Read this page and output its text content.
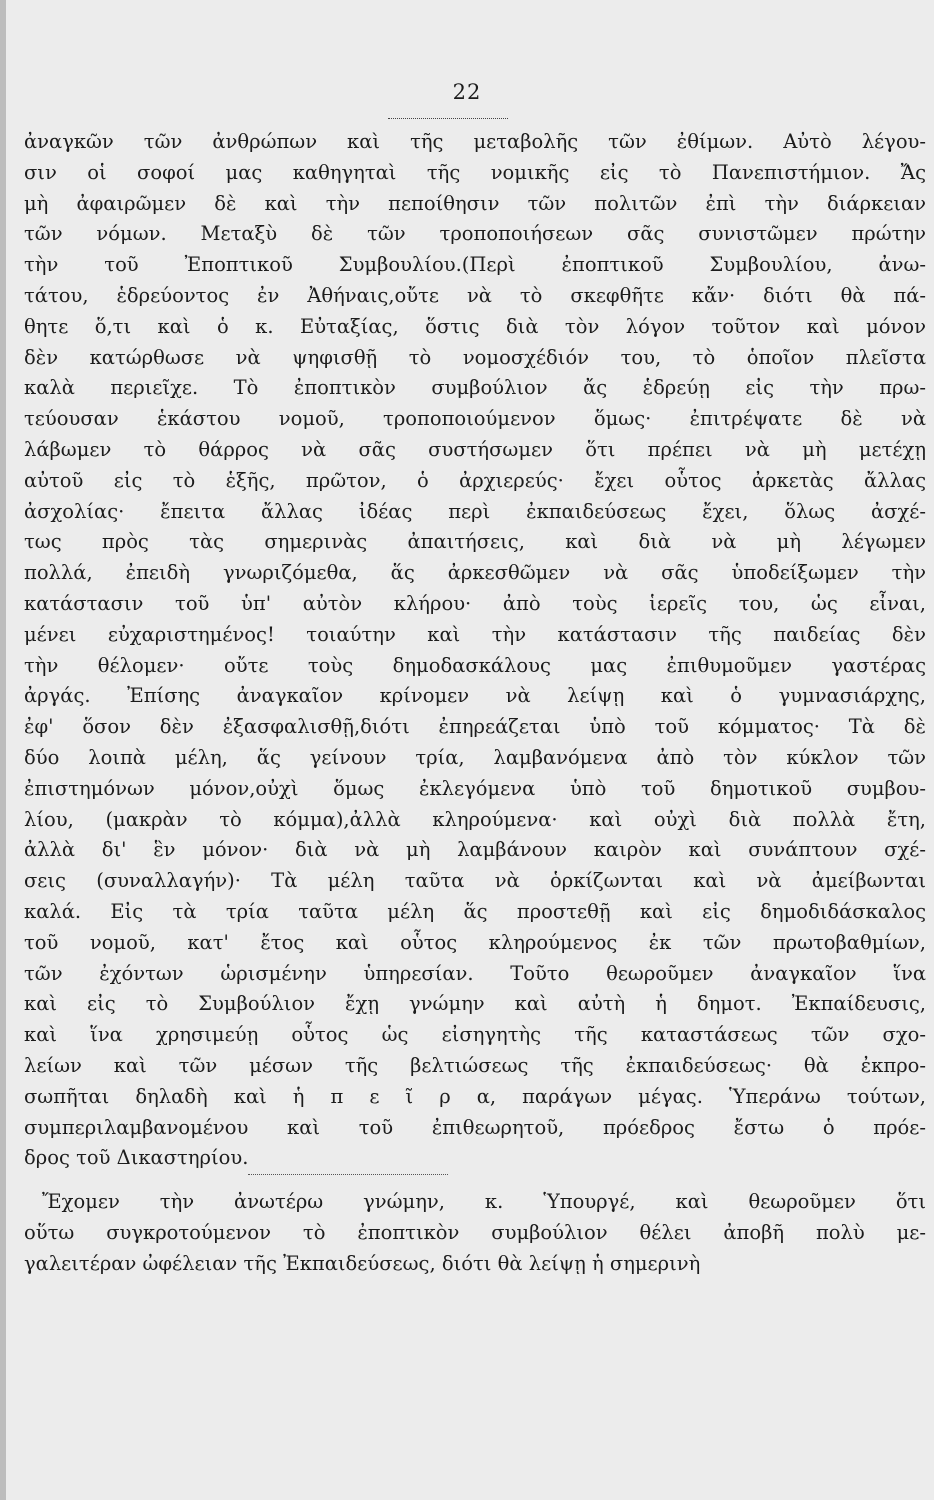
22
ἀναγκῶν τῶν ἀνθρώπων καὶ τῆς μεταβολῆς τῶν ἐθίμων. Αὐτὸ λέγου-
σιν οἱ σοφοί μας καθηγηταὶ τῆς νομικῆς εἰς τὸ Πανεπιστήμιον. Ἄς
μὴ ἀφαιρῶμεν δὲ καὶ τὴν πεποίθησιν τῶν πολιτῶν ἐπὶ τὴν διάρκειαν
τῶν νόμων. Μεταξὺ δὲ τῶν τροποποιήσεων σᾶς συνιστῶμεν πρώτην
τὴν τοῦ Ἐποπτικοῦ Συμβουλίου.(Περὶ ἐποπτικοῦ Συμβουλίου, ἀνω-
τάτου, ἑδρεύοντος ἐν Ἀθήναις,οὔτε νὰ τὸ σκεφθῆτε κἄν· διότι θὰ πά-
θητε ὅ,τι καὶ ὁ κ. Εὐταξίας, ὅστις διὰ τὸν λόγον τοῦτον καὶ μόνον
δὲν κατώρθωσε νὰ ψηφισθῇ τὸ νομοσχέδιόν του, τὸ ὁποῖον πλεῖστα
καλὰ περιεῖχε. Τὸ ἐποπτικὸν συμβούλιον ἄς ἑδρεύῃ εἰς τὴν πρω-
τεύουσαν ἑκάστου νομοῦ, τροποποιούμενον ὅμως· ἐπιτρέψατε δὲ νὰ
λάβωμεν τὸ θάρρος νὰ σᾶς συστήσωμεν ὅτι πρέπει νὰ μὴ μετέχῃ
αὐτοῦ εἰς τὸ ἑξῆς, πρῶτον, ὁ ἀρχιερεύς· ἔχει οὗτος ἀρκετὰς ἄλλας
ἀσχολίας· ἔπειτα ἄλλας ἰδέας περὶ ἐκπαιδεύσεως ἔχει, ὅλως ἀσχέ-
τως πρὸς τὰς σημερινὰς ἀπαιτήσεις, καὶ διὰ νὰ μὴ λέγωμεν
πολλά, ἐπειδὴ γνωριζόμεθα, ἅς ἀρκεσθῶμεν νὰ σᾶς ὑποδείξωμεν τὴν
κατάστασιν τοῦ ὑπ' αὐτὸν κλήρου· ἀπὸ τοὺς ἱερεῖς του, ὡς εἶναι,
μένει εὐχαριστημένος! τοιαύτην καὶ τὴν κατάστασιν τῆς παιδείας δὲν
τὴν θέλομεν· οὔτε τοὺς δημοδασκάλους μας ἐπιθυμοῦμεν γαστέρας
ἀργάς. Ἐπίσης ἀναγκαῖον κρίνομεν νὰ λείψῃ καὶ ὁ γυμνασιάρχης,
ἐφ' ὅσον δὲν ἐξασφαλισθῇ,διότι ἐπηρεάζεται ὑπὸ τοῦ κόμματος· Τὰ δὲ
δύο λοιπὰ μέλη, ἅς γείνουν τρία, λαμβανόμενα ἀπὸ τὸν κύκλον τῶν
ἐπιστημόνων μόνον,οὐχὶ ὅμως ἐκλεγόμενα ὑπὸ τοῦ δημοτικοῦ συμβου-
λίου, (μακρὰν τὸ κόμμα),ἀλλὰ κληρούμενα· καὶ οὐχὶ διὰ πολλὰ ἔτη,
ἀλλὰ δι' ἓν μόνον· διὰ νὰ μὴ λαμβάνουν καιρὸν καὶ συνάπτουν σχέ-
σεις (συναλλαγήν)· Τὰ μέλη ταῦτα νὰ ὁρκίζωνται καὶ νὰ ἀμείβωνται
καλά. Εἰς τὰ τρία ταῦτα μέλη ἅς προστεθῇ καὶ εἰς δημοδιδάσκαλος
τοῦ νομοῦ, κατ' ἔτος καὶ οὗτος κληρούμενος ἐκ τῶν πρωτοβαθμίων,
τῶν ἐχόντων ὡρισμένην ὑπηρεσίαν. Τοῦτο θεωροῦμεν ἀναγκαῖον ἵνα
καὶ εἰς τὸ Συμβούλιον ἔχῃ γνώμην καὶ αὐτὴ ἡ δημοτ. Ἐκπαίδευσις,
καὶ ἵνα χρησιμεύῃ οὗτος ὡς εἰσηγητὴς τῆς καταστάσεως τῶν σχο-
λείων καὶ τῶν μέσων τῆς βελτιώσεως τῆς ἐκπαιδεύσεως· θὰ ἐκπρο-
σωπῆται δηλαδὴ καὶ ἡ π ε ῖ ρ α, παράγων μέγας. Ὑπεράνω τούτων,
συμπεριλαμβανομένου καὶ τοῦ ἐπιθεωρητοῦ, πρόεδρος ἔστω ὁ πρόε-
δρος τοῦ Δικαστηρίου.
Ἔχομεν τὴν ἀνωτέρω γνώμην, κ. Ὑπουργέ, καὶ θεωροῦμεν ὅτι
οὕτω συγκροτούμενον τὸ ἐποπτικὸν συμβούλιον θέλει ἀποβῆ πολὺ με-
γαλειτέραν ὠφέλειαν τῆς Ἐκπαιδεύσεως, διότι θὰ λείψῃ ἡ σημερινὴ
